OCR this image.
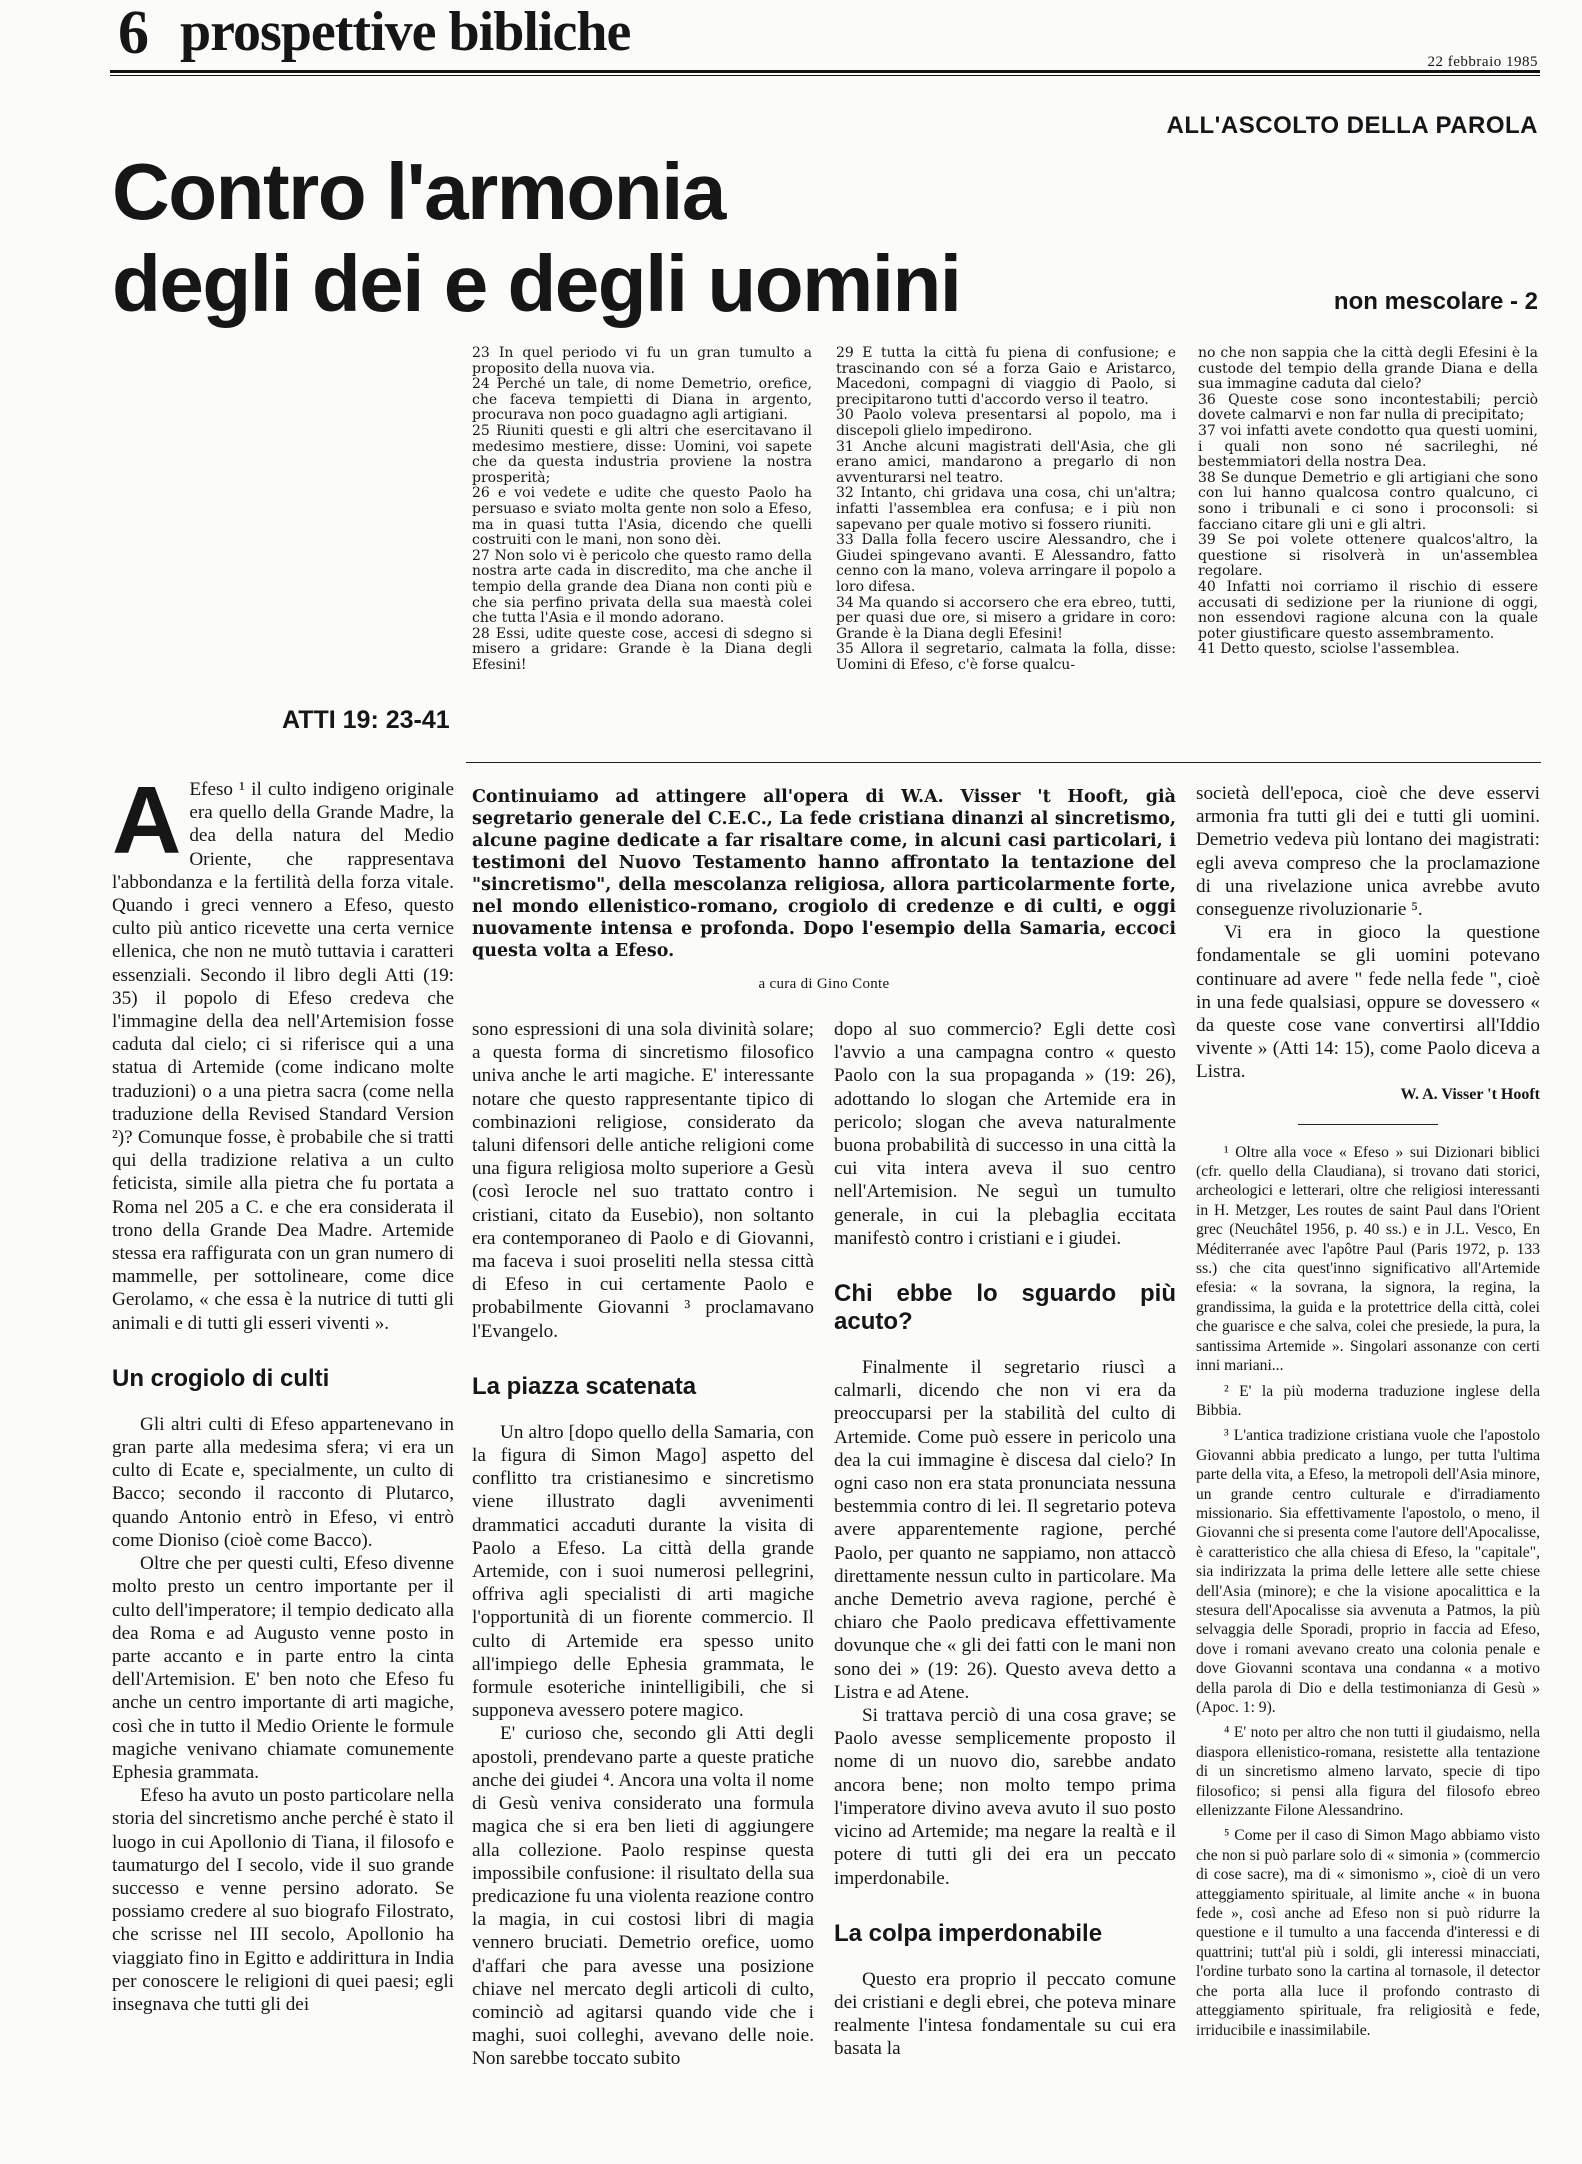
6 prospettive bibliche	22 febbraio 1985
ALL'ASCOLTO DELLA PAROLA
Contro l'armonia
degli dei e degli uomini	non mescolare - 2
ATTI 19: 23-41

23 In quel periodo vi fu un gran tumulto a proposito della nuova via.

24 Perché un tale, di nome Demetrio, orefice, che faceva tempietti di Diana in argento, procurava non poco guadagno agli artigiani.

25 Riuniti questi e gli altri che esercitavano il medesimo mestiere, disse: Uomini, voi sapete che da questa industria proviene la nostra prosperità;

26 e voi vedete e udite che questo Paolo ha persuaso e sviato molta gente non solo a Efeso, ma in quasi tutta l'Asia, dicendo che quelli costruiti con le mani, non sono dèi.

27 Non solo vi è pericolo che questo ramo della nostra arte cada in discredito, ma che anche il tempio della grande dea Diana non conti più e che sia perfino privata della sua maestà colei che tutta l'Asia e il mondo adorano.

28 Essi, udite queste cose, accesi di sdegno si misero a gridare: Grande è la Diana degli Efesini!

29 E tutta la città fu piena di confusione; e trascinando con sé a forza Gaio e Aristarco, Macedoni, compagni di viaggio di Paolo, si precipitarono tutti d'accordo verso il teatro.

30 Paolo voleva presentarsi al popolo, ma i discepoli glielo impedirono.

31 Anche alcuni magistrati dell'Asia, che gli erano amici, mandarono a pregarlo di non avventurarsi nel teatro.

32 Intanto, chi gridava una cosa, chi un'altra; infatti l'assemblea era confusa; e i più non sapevano per quale motivo si fossero riuniti.

33 Dalla folla fecero uscire Alessandro, che i Giudei spingevano avanti. E Alessandro, fatto cenno con la mano, voleva arringare il popolo a loro difesa.

34 Ma quando si accorsero che era ebreo, tutti, per quasi due ore, si misero a gridare in coro: Grande è la Diana degli Efesini!

35 Allora il segretario, calmata la folla, disse: Uomini di Efeso, c'è forse qualcu-

no che non sappia che la città degli Efesini è la custode del tempio della grande Diana e della sua immagine caduta dal cielo?

36 Queste cose sono incontestabili; perciò dovete calmarvi e non far nulla di precipitato;

37 voi infatti avete condotto qua questi uomini, i quali non sono né sacrileghi, né bestemmiatori della nostra Dea.

38 Se dunque Demetrio e gli artigiani che sono con lui hanno qualcosa contro qualcuno, ci sono i tribunali e ci sono i proconsoli: si facciano citare gli uni e gli altri.

39 Se poi volete ottenere qualcos'altro, la questione si risolverà in un'assemblea regolare.

40 Infatti noi corriamo il rischio di essere accusati di sedizione per la riunione di oggi, non essendovi ragione alcuna con la quale poter giustificare questo assembramento.

41 Detto questo, sciolse l'assemblea.

A Efeso ¹ il culto indigeno originale era quello della Grande Madre, la dea della natura del Medio Oriente, che rappresentava l'abbondanza e la fertilità della forza vitale. Quando i greci vennero a Efeso, questo culto più antico ricevette una certa vernice ellenica, che non ne mutò tuttavia i caratteri essenziali. Secondo il libro degli Atti (19: 35) il popolo di Efeso credeva che l'immagine della dea nell'Artemision fosse caduta dal cielo; ci si riferisce qui a una statua di Artemide (come indicano molte traduzioni) o a una pietra sacra (come nella traduzione della Revised Standard Version ²)? Comunque fosse, è probabile che si tratti qui della tradizione relativa a un culto feticista, simile alla pietra che fu portata a Roma nel 205 a C. e che era considerata il trono della Grande Dea Madre. Artemide stessa era raffigurata con un gran numero di mammelle, per sottolineare, come dice Gerolamo, « che essa è la nutrice di tutti gli animali e di tutti gli esseri viventi ».

Un crogiolo di culti

Gli altri culti di Efeso appartenevano in gran parte alla medesima sfera; vi era un culto di Ecate e, specialmente, un culto di Bacco; secondo il racconto di Plutarco, quando Antonio entrò in Efeso, vi entrò come Dioniso (cioè come Bacco).

Oltre che per questi culti, Efeso divenne molto presto un centro importante per il culto dell'imperatore; il tempio dedicato alla dea Roma e ad Augusto venne posto in parte accanto e in parte entro la cinta dell'Artemision. E' ben noto che Efeso fu anche un centro importante di arti magiche, così che in tutto il Medio Oriente le formule magiche venivano chiamate comunemente Ephesia grammata.

Efeso ha avuto un posto particolare nella storia del sincretismo anche perché è stato il luogo in cui Apollonio di Tiana, il filosofo e taumaturgo del I secolo, vide il suo grande successo e venne persino adorato. Se possiamo credere al suo biografo Filostrato, che scrisse nel III secolo, Apollonio ha viaggiato fino in Egitto e addirittura in India per conoscere le religioni di quei paesi; egli insegnava che tutti gli dei

Continuiamo ad attingere all'opera di W.A. Visser 't Hooft, già segretario generale del C.E.C., La fede cristiana dinanzi al sincretismo, alcune pagine dedicate a far risaltare come, in alcuni casi particolari, i testimoni del Nuovo Testamento hanno affrontato la tentazione del "sincretismo", della mescolanza religiosa, allora particolarmente forte, nel mondo ellenistico-romano, crogiolo di credenze e di culti, e oggi nuovamente intensa e profonda. Dopo l'esempio della Samaria, eccoci questa volta a Efeso.

a cura di Gino Conte

sono espressioni di una sola divinità solare; a questa forma di sincretismo filosofico univa anche le arti magiche. E' interessante notare che questo rappresentante tipico di combinazioni religiose, considerato da taluni difensori delle antiche religioni come una figura religiosa molto superiore a Gesù (così Ierocle nel suo trattato contro i cristiani, citato da Eusebio), non soltanto era contemporaneo di Paolo e di Giovanni, ma faceva i suoi proseliti nella stessa città di Efeso in cui certamente Paolo e probabilmente Giovanni ³ proclamavano l'Evangelo.

La piazza scatenata

Un altro [dopo quello della Samaria, con la figura di Simon Mago] aspetto del conflitto tra cristianesimo e sincretismo viene illustrato dagli avvenimenti drammatici accaduti durante la visita di Paolo a Efeso. La città della grande Artemide, con i suoi numerosi pellegrini, offriva agli specialisti di arti magiche l'opportunità di un fiorente commercio. Il culto di Artemide era spesso unito all'impiego delle Ephesia grammata, le formule esoteriche inintelligibili, che si supponeva avessero potere magico.

E' curioso che, secondo gli Atti degli apostoli, prendevano parte a queste pratiche anche dei giudei ⁴. Ancora una volta il nome di Gesù veniva considerato una formula magica che si era ben lieti di aggiungere alla collezione. Paolo respinse questa impossibile confusione: il risultato della sua predicazione fu una violenta reazione contro la magia, in cui costosi libri di magia vennero bruciati. Demetrio orefice, uomo d'affari che para avesse una posizione chiave nel mercato degli articoli di culto, cominciò ad agitarsi quando vide che i maghi, suoi colleghi, avevano delle noie. Non sarebbe toccato subito

dopo al suo commercio? Egli dette così l'avvio a una campagna contro « questo Paolo con la sua propaganda » (19: 26), adottando lo slogan che Artemide era in pericolo; slogan che aveva naturalmente buona probabilità di successo in una città la cui vita intera aveva il suo centro nell'Artemision. Ne seguì un tumulto generale, in cui la plebaglia eccitata manifestò contro i cristiani e i giudei.

Chi ebbe lo sguardo più acuto?

Finalmente il segretario riuscì a calmarli, dicendo che non vi era da preoccuparsi per la stabilità del culto di Artemide. Come può essere in pericolo una dea la cui immagine è discesa dal cielo? In ogni caso non era stata pronunciata nessuna bestemmia contro di lei. Il segretario poteva avere apparentemente ragione, perché Paolo, per quanto ne sappiamo, non attaccò direttamente nessun culto in particolare. Ma anche Demetrio aveva ragione, perché è chiaro che Paolo predicava effettivamente dovunque che « gli dei fatti con le mani non sono dei » (19: 26). Questo aveva detto a Listra e ad Atene.

Si trattava perciò di una cosa grave; se Paolo avesse semplicemente proposto il nome di un nuovo dio, sarebbe andato ancora bene; non molto tempo prima l'imperatore divino aveva avuto il suo posto vicino ad Artemide; ma negare la realtà e il potere di tutti gli dei era un peccato imperdonabile.

La colpa imperdonabile

Questo era proprio il peccato comune dei cristiani e degli ebrei, che poteva minare realmente l'intesa fondamentale su cui era basata la

società dell'epoca, cioè che deve esservi armonia fra tutti gli dei e tutti gli uomini. Demetrio vedeva più lontano dei magistrati: egli aveva compreso che la proclamazione di una rivelazione unica avrebbe avuto conseguenze rivoluzionarie ⁵.

Vi era in gioco la questione fondamentale se gli uomini potevano continuare ad avere " fede nella fede ", cioè in una fede qualsiasi, oppure se dovessero « da queste cose vane convertirsi all'Iddio vivente » (Atti 14: 15), come Paolo diceva a Listra.

W. A. Visser 't Hooft

¹ Oltre alla voce « Efeso » sui Dizionari biblici (cfr. quello della Claudiana), si trovano dati storici, archeologici e letterari, oltre che religiosi interessanti in H. Metzger, Les routes de saint Paul dans l'Orient grec (Neuchâtel 1956, p. 40 ss.) e in J.L. Vesco, En Méditerranée avec l'apôtre Paul (Paris 1972, p. 133 ss.) che cita quest'inno significativo all'Artemide efesia: « la sovrana, la signora, la regina, la grandissima, la guida e la protettrice della città, colei che guarisce e che salva, colei che presiede, la pura, la santissima Artemide ». Singolari assonanze con certi inni mariani...

² E' la più moderna traduzione inglese della Bibbia.

³ L'antica tradizione cristiana vuole che l'apostolo Giovanni abbia predicato a lungo, per tutta l'ultima parte della vita, a Efeso, la metropoli dell'Asia minore, un grande centro culturale e d'irradiamento missionario. Sia effettivamente l'apostolo, o meno, il Giovanni che si presenta come l'autore dell'Apocalisse, è caratteristico che alla chiesa di Efeso, la "capitale", sia indirizzata la prima delle lettere alle sette chiese dell'Asia (minore); e che la visione apocalittica e la stesura dell'Apocalisse sia avvenuta a Patmos, la più selvaggia delle Sporadi, proprio in faccia ad Efeso, dove i romani avevano creato una colonia penale e dove Giovanni scontava una condanna « a motivo della parola di Dio e della testimonianza di Gesù » (Apoc. 1: 9).

⁴ E' noto per altro che non tutti il giudaismo, nella diaspora ellenistico-romana, resistette alla tentazione di un sincretismo almeno larvato, specie di tipo filosofico; si pensi alla figura del filosofo ebreo ellenizzante Filone Alessandrino.

⁵ Come per il caso di Simon Mago abbiamo visto che non si può parlare solo di « simonia » (commercio di cose sacre), ma di « simonismo », cioè di un vero atteggiamento spirituale, al limite anche « in buona fede », così anche ad Efeso non si può ridurre la questione e il tumulto a una faccenda d'interessi e di quattrini; tutt'al più i soldi, gli interessi minacciati, l'ordine turbato sono la cartina al tornasole, il detector che porta alla luce il profondo contrasto di atteggiamento spirituale, fra religiosità e fede, irriducibile e inassimilabile.
